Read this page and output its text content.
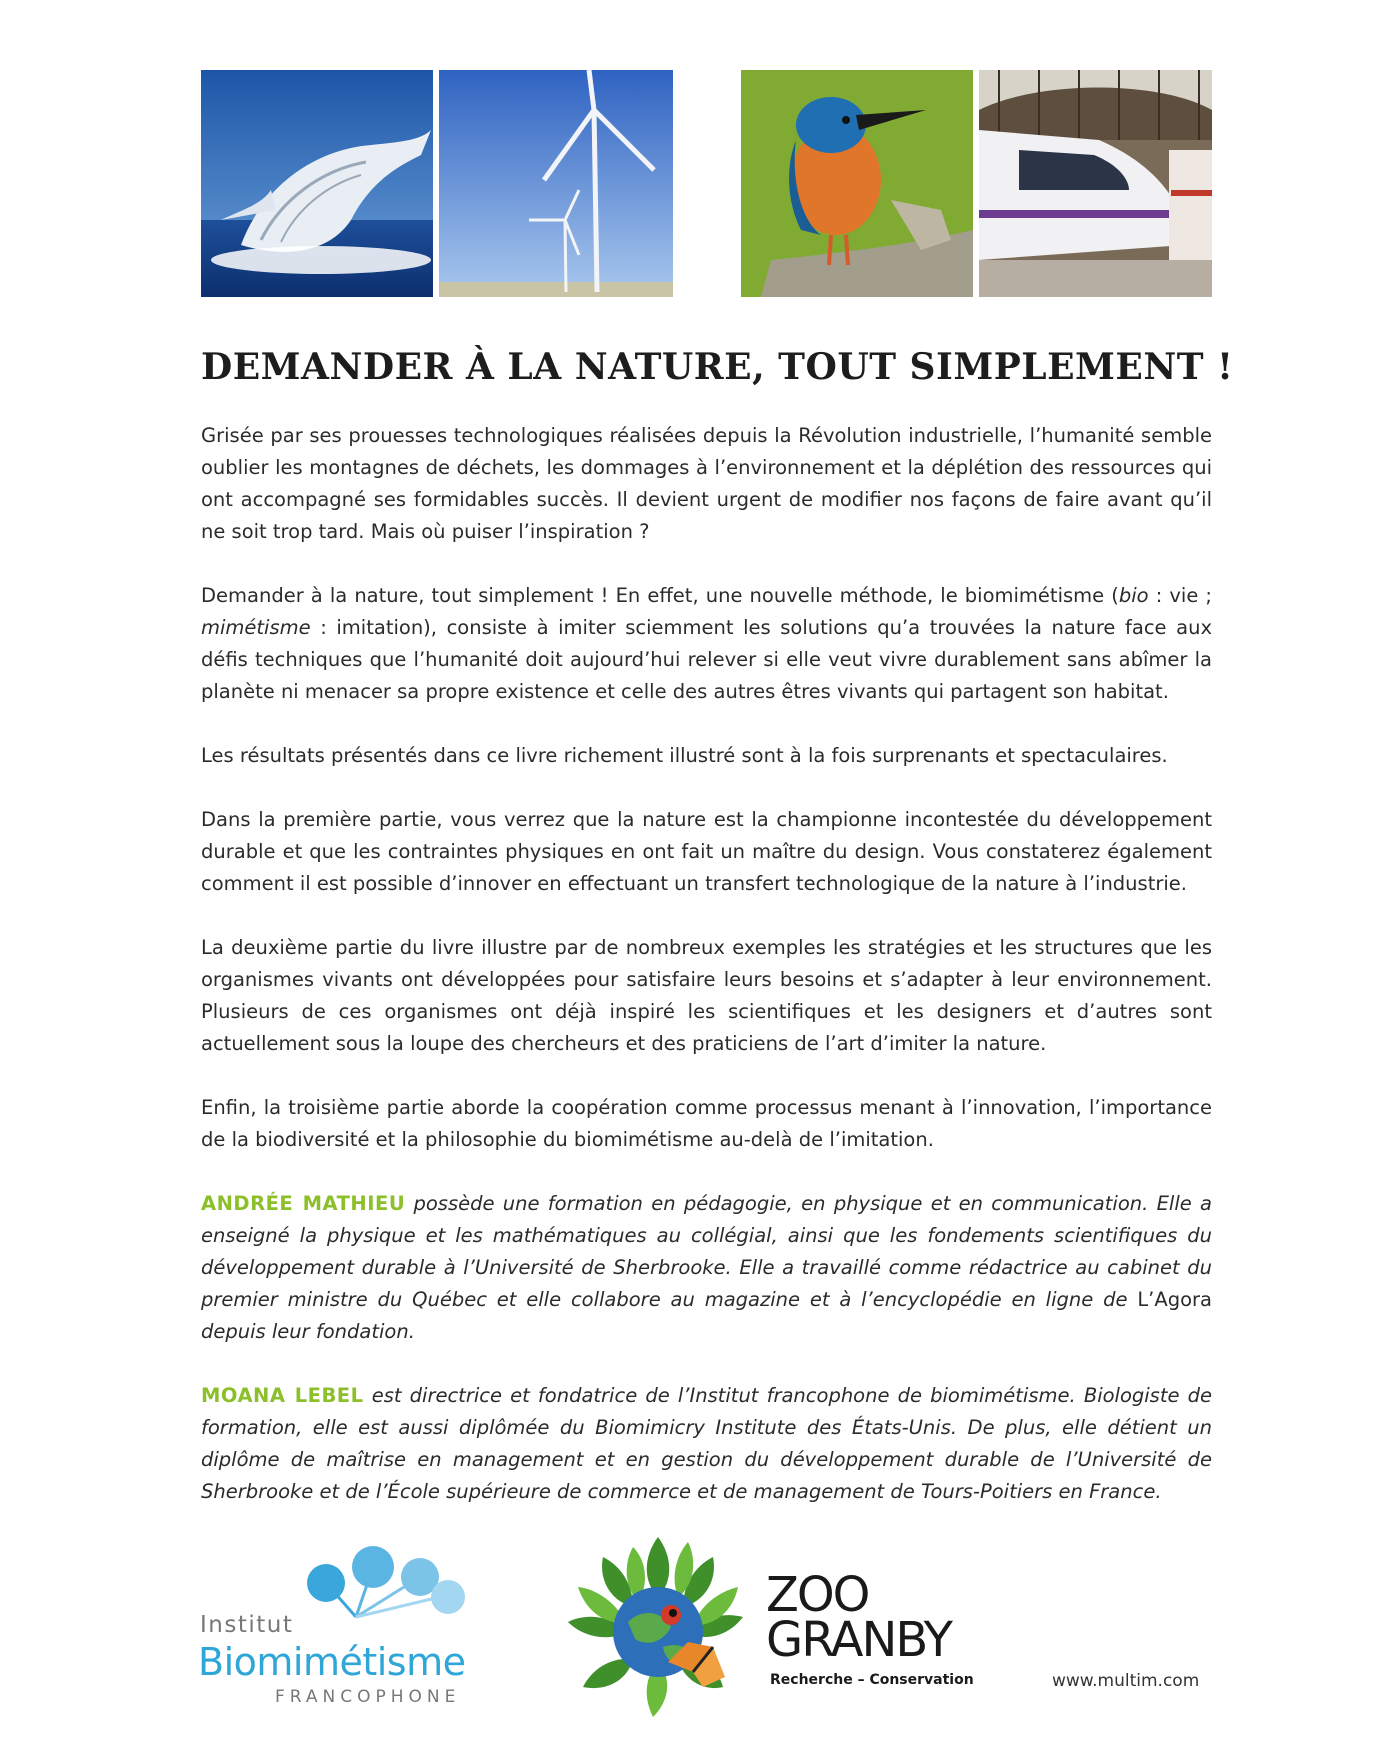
DEMANDER À LA NATURE, TOUT SIMPLEMENT !

Grisée par ses prouesses technologiques réalisées depuis la Révolution industrielle, l’humanité semble oublier les montagnes de déchets, les dommages à l’environnement et la déplétion des ressources qui ont accompagné ses formidables succès. Il devient urgent de modifier nos façons de faire avant qu’il ne soit trop tard. Mais où puiser l’inspiration ?

Demander à la nature, tout simplement ! En effet, une nouvelle méthode, le biomimétisme (bio : vie ; mimétisme : imitation), consiste à imiter sciemment les solutions qu’a trouvées la nature face aux défis techniques que l’humanité doit aujourd’hui relever si elle veut vivre durablement sans abîmer la planète ni menacer sa propre existence et celle des autres êtres vivants qui partagent son habitat.

Les résultats présentés dans ce livre richement illustré sont à la fois surprenants et spectaculaires.

Dans la première partie, vous verrez que la nature est la championne incontestée du développement durable et que les contraintes physiques en ont fait un maître du design. Vous constaterez également comment il est possible d’innover en effectuant un transfert technologique de la nature à l’industrie.

La deuxième partie du livre illustre par de nombreux exemples les stratégies et les structures que les organismes vivants ont développées pour satisfaire leurs besoins et s’adapter à leur environnement. Plusieurs de ces organismes ont déjà inspiré les scientifiques et les designers et d’autres sont actuellement sous la loupe des chercheurs et des praticiens de l’art d’imiter la nature.

Enfin, la troisième partie aborde la coopération comme processus menant à l’innovation, l’importance de la biodiversité et la philosophie du biomimétisme au-delà de l’imitation.

ANDRÉE MATHIEU possède une formation en pédagogie, en physique et en communication. Elle a enseigné la physique et les mathématiques au collégial, ainsi que les fondements scientifiques du développement durable à l’Université de Sherbrooke. Elle a travaillé comme rédactrice au cabinet du premier ministre du Québec et elle collabore au magazine et à l’encyclopédie en ligne de L’Agora depuis leur fondation.

MOANA LEBEL est directrice et fondatrice de l’Institut francophone de biomimétisme. Biologiste de formation, elle est aussi diplômée du Biomimicry Institute des États-Unis. De plus, elle détient un diplôme de maîtrise en management et en gestion du développement durable de l’Université de Sherbrooke et de l’École supérieure de commerce et de management de Tours-Poitiers en France.

Institut
Biomimétisme
FRANCOPHONE
ZOO
GRANBY
Recherche – Conservation	www.multim.com
